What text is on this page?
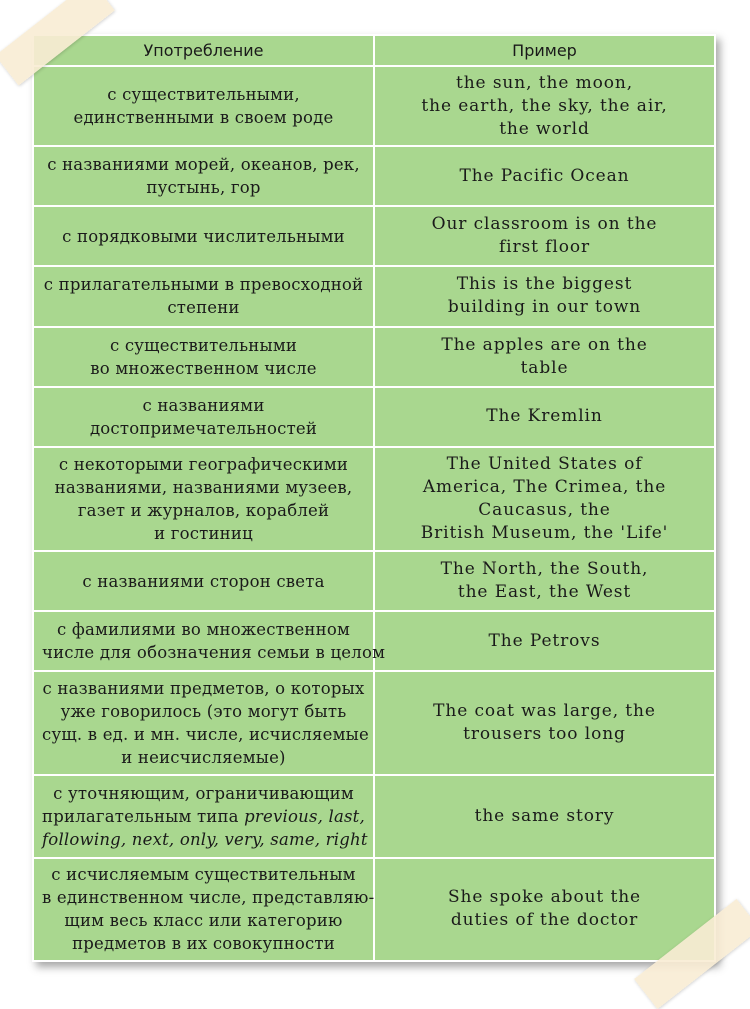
Употребление	Пример

с существительными,
единственными в своем роде	the sun, the moon,
the earth, the sky, the air,
the world

с названиями морей, океанов, рек,
пустынь, гор	The Pacific Ocean

с порядковыми числительными	Our classroom is on the
first floor

с прилагательными в превосходной
степени	This is the biggest
building in our town

с существительными
во множественном числе	The apples are on the
table

с названиями
достопримечательностей	The Kremlin

с некоторыми географическими
названиями, названиями музеев,
газет и журналов, кораблей
и гостиниц	The United States of
America, The Crimea, the
Caucasus, the
British Museum, the 'Life'

с названиями сторон света	The North, the South,
the East, the West

с фамилиями во множественном
числе для обозначения семьи в целом	The Petrovs

с названиями предметов, о которых
уже говорилось (это могут быть
сущ. в ед. и мн. числе, исчисляемые
и неисчисляемые)	The coat was large, the
trousers too long

с уточняющим, ограничивающим
прилагательным типа previous, last,
following, next, only, very, same, right	the same story

с исчисляемым существительным
в единственном числе, представляю-
щим весь класс или категорию
предметов в их совокупности	She spoke about the
duties of the doctor
